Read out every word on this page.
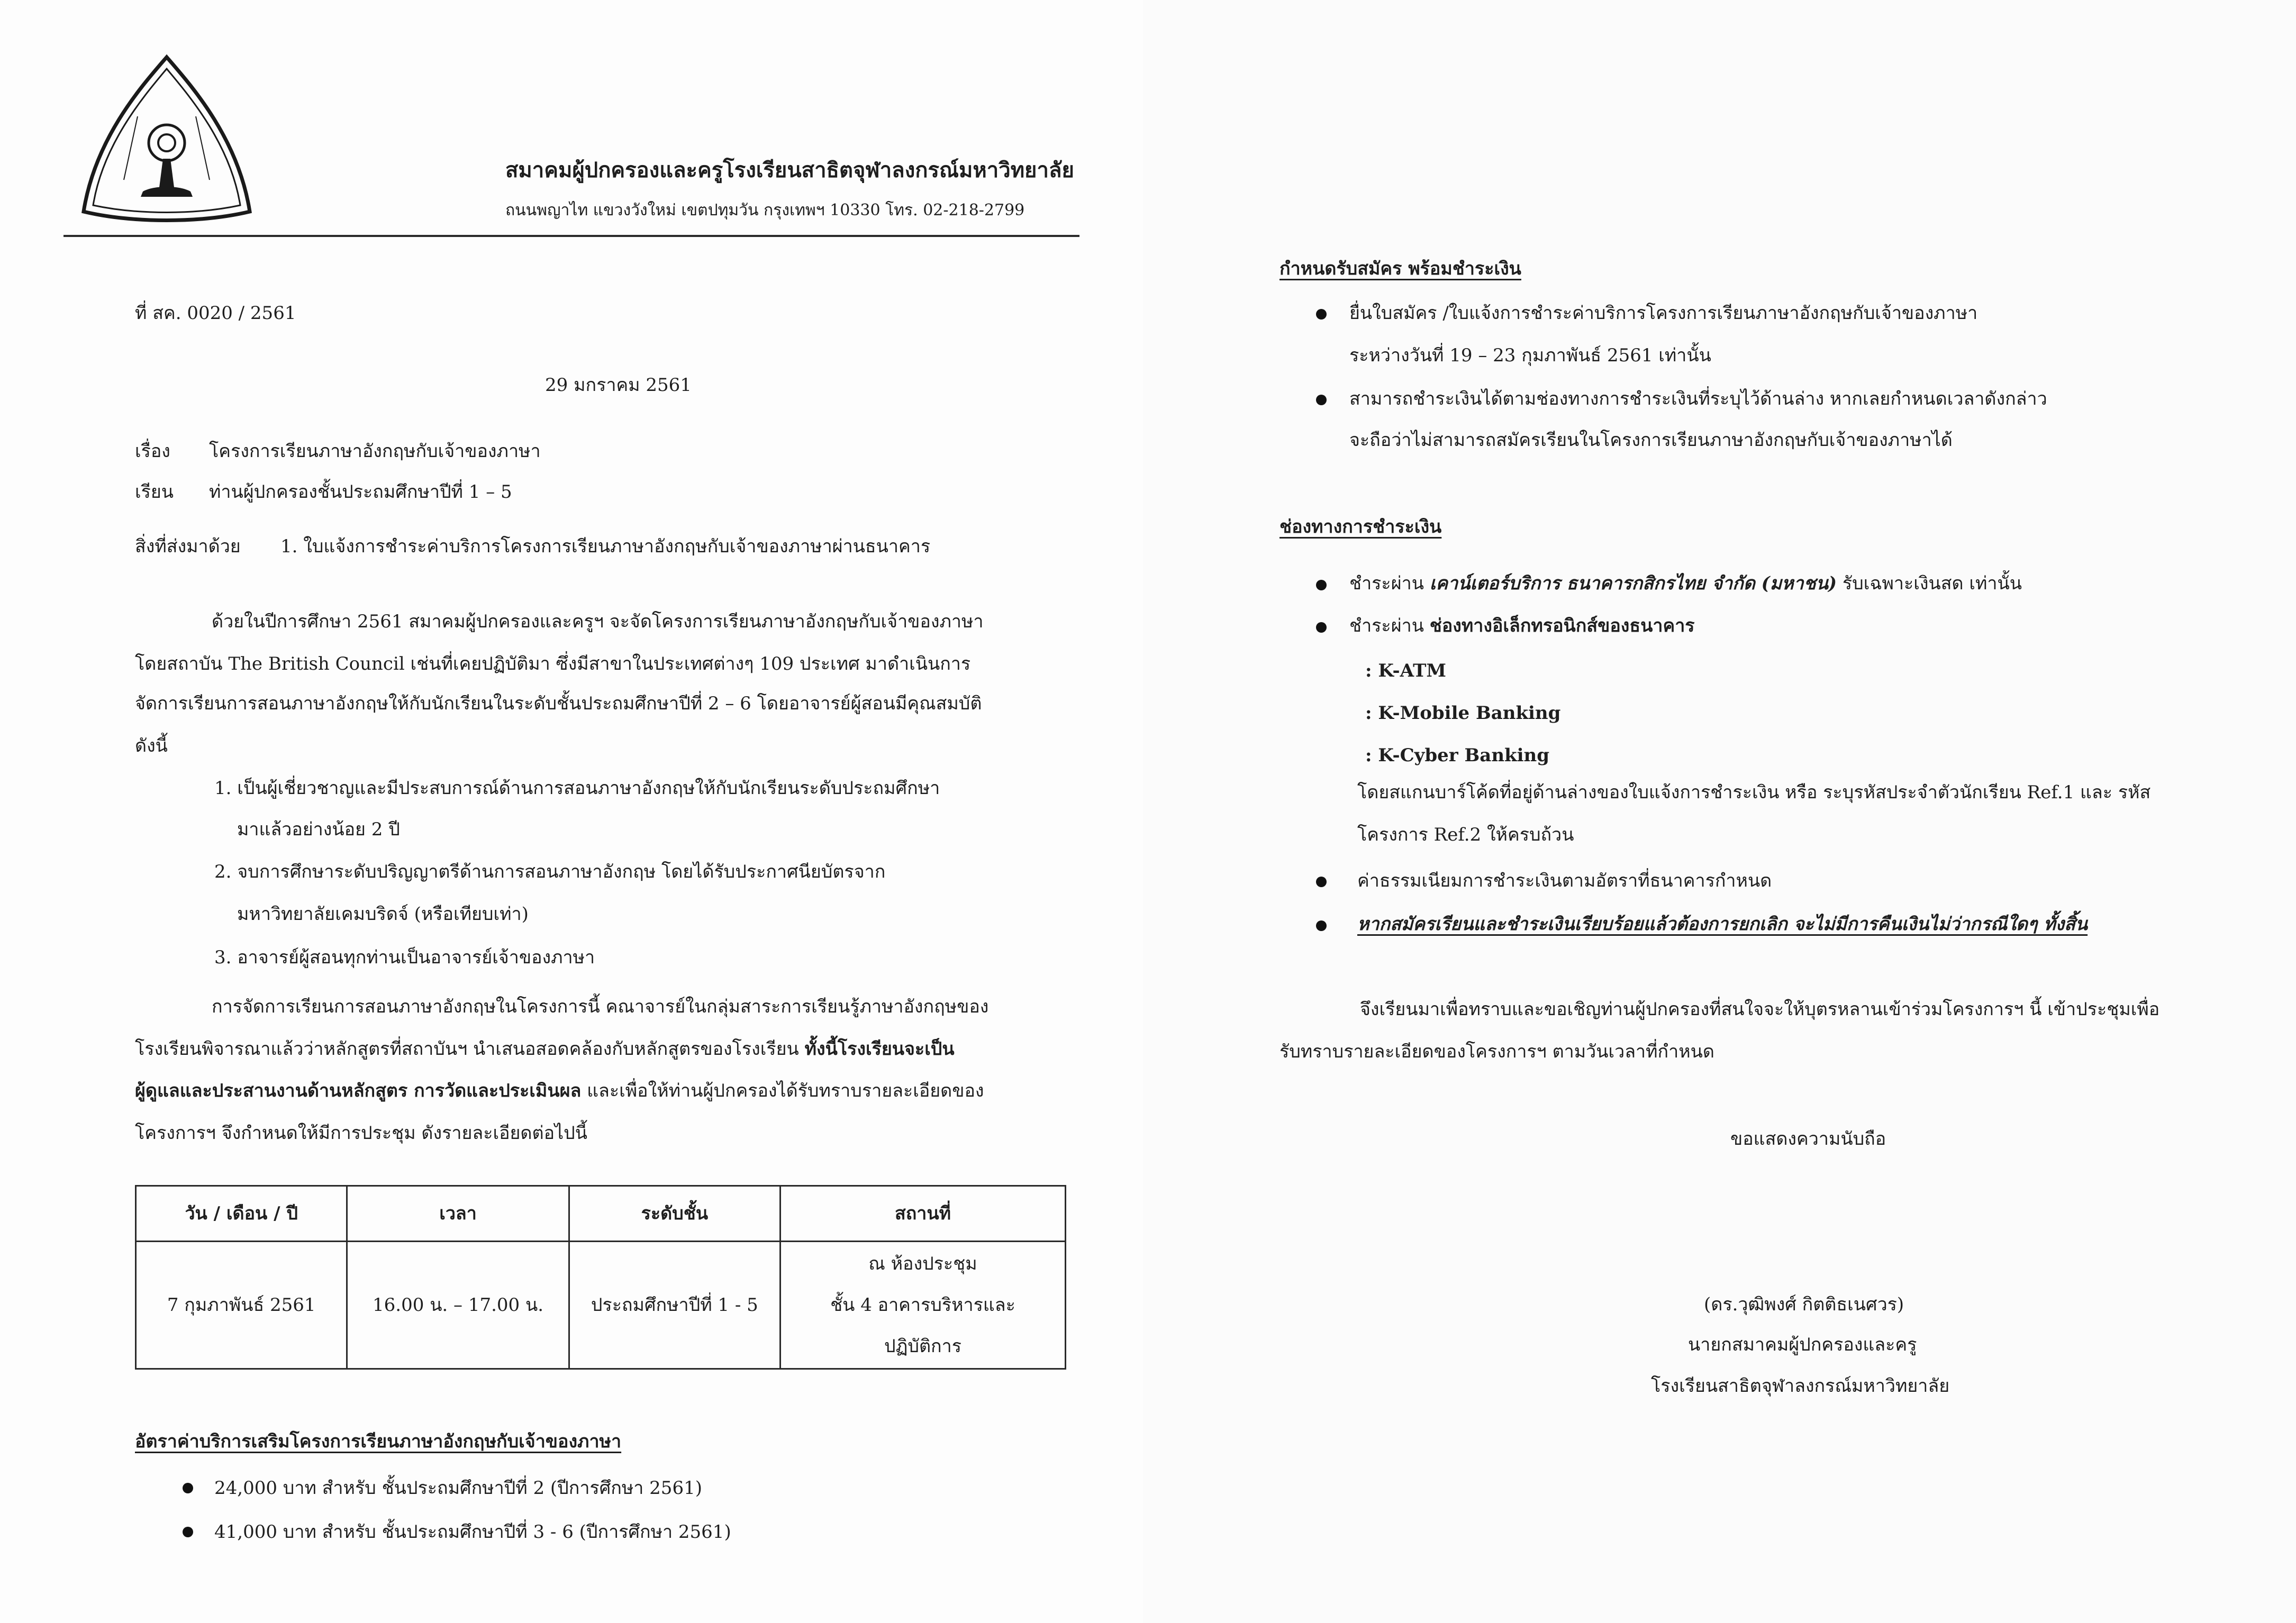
สมาคมผู้ปกครองและครูโรงเรียนสาธิตจุฬาลงกรณ์มหาวิทยาลัย
ถนนพญาไท แขวงวังใหม่ เขตปทุมวัน กรุงเทพฯ 10330 โทร. 02-218-2799
ที่ สค. 0020 / 2561
29 มกราคม 2561
เรื่อง โครงการเรียนภาษาอังกฤษกับเจ้าของภาษา
เรียน ท่านผู้ปกครองชั้นประถมศึกษาปีที่ 1 – 5
สิ่งที่ส่งมาด้วย 1. ใบแจ้งการชำระค่าบริการโครงการเรียนภาษาอังกฤษกับเจ้าของภาษาผ่านธนาคาร
ด้วยในปีการศึกษา 2561 สมาคมผู้ปกครองและครูฯ จะจัดโครงการเรียนภาษาอังกฤษกับเจ้าของภาษา
โดยสถาบัน The British Council เช่นที่เคยปฏิบัติมา ซึ่งมีสาขาในประเทศต่างๆ 109 ประเทศ มาดำเนินการ
จัดการเรียนการสอนภาษาอังกฤษให้กับนักเรียนในระดับชั้นประถมศึกษาปีที่ 2 – 6 โดยอาจารย์ผู้สอนมีคุณสมบัติ
ดังนี้
1. เป็นผู้เชี่ยวชาญและมีประสบการณ์ด้านการสอนภาษาอังกฤษให้กับนักเรียนระดับประถมศึกษา
มาแล้วอย่างน้อย 2 ปี
2. จบการศึกษาระดับปริญญาตรีด้านการสอนภาษาอังกฤษ โดยได้รับประกาศนียบัตรจาก
มหาวิทยาลัยเคมบริดจ์ (หรือเทียบเท่า)
3. อาจารย์ผู้สอนทุกท่านเป็นอาจารย์เจ้าของภาษา
การจัดการเรียนการสอนภาษาอังกฤษในโครงการนี้ คณาจารย์ในกลุ่มสาระการเรียนรู้ภาษาอังกฤษของ
โรงเรียนพิจารณาแล้วว่าหลักสูตรที่สถาบันฯ นำเสนอสอดคล้องกับหลักสูตรของโรงเรียน ทั้งนี้โรงเรียนจะเป็น
ผู้ดูแลและประสานงานด้านหลักสูตร การวัดและประเมินผล และเพื่อให้ท่านผู้ปกครองได้รับทราบรายละเอียดของ
โครงการฯ จึงกำหนดให้มีการประชุม ดังรายละเอียดต่อไปนี้
วัน / เดือน / ปี	เวลา	ระดับชั้น	สถานที่
7 กุมภาพันธ์ 2561	16.00 น. – 17.00 น.	ประถมศึกษาปีที่ 1 - 5	ณ ห้องประชุม
ชั้น 4 อาคารบริหารและ
ปฏิบัติการ
อัตราค่าบริการเสริมโครงการเรียนภาษาอังกฤษกับเจ้าของภาษา
24,000 บาท สำหรับ ชั้นประถมศึกษาปีที่ 2 (ปีการศึกษา 2561)
41,000 บาท สำหรับ ชั้นประถมศึกษาปีที่ 3 - 6 (ปีการศึกษา 2561)
กำหนดรับสมัคร พร้อมชำระเงิน
ยื่นใบสมัคร /ใบแจ้งการชำระค่าบริการโครงการเรียนภาษาอังกฤษกับเจ้าของภาษา
ระหว่างวันที่ 19 – 23 กุมภาพันธ์ 2561 เท่านั้น
สามารถชำระเงินได้ตามช่องทางการชำระเงินที่ระบุไว้ด้านล่าง หากเลยกำหนดเวลาดังกล่าว
จะถือว่าไม่สามารถสมัครเรียนในโครงการเรียนภาษาอังกฤษกับเจ้าของภาษาได้
ช่องทางการชำระเงิน
ชำระผ่าน เคาน์เตอร์บริการ ธนาคารกสิกรไทย จำกัด (มหาชน) รับเฉพาะเงินสด เท่านั้น
ชำระผ่าน ช่องทางอิเล็กทรอนิกส์ของธนาคาร
: K-ATM
: K-Mobile Banking
: K-Cyber Banking
โดยสแกนบาร์โค้ดที่อยู่ด้านล่างของใบแจ้งการชำระเงิน หรือ ระบุรหัสประจำตัวนักเรียน Ref.1 และ รหัส
โครงการ Ref.2 ให้ครบถ้วน
ค่าธรรมเนียมการชำระเงินตามอัตราที่ธนาคารกำหนด
หากสมัครเรียนและชำระเงินเรียบร้อยแล้วต้องการยกเลิก จะไม่มีการคืนเงินไม่ว่ากรณีใดๆ ทั้งสิ้น
จึงเรียนมาเพื่อทราบและขอเชิญท่านผู้ปกครองที่สนใจจะให้บุตรหลานเข้าร่วมโครงการฯ นี้ เข้าประชุมเพื่อ
รับทราบรายละเอียดของโครงการฯ ตามวันเวลาที่กำหนด
ขอแสดงความนับถือ
(ดร.วุฒิพงศ์ กิตติธเนศวร)
นายกสมาคมผู้ปกครองและครู
โรงเรียนสาธิตจุฬาลงกรณ์มหาวิทยาลัย
